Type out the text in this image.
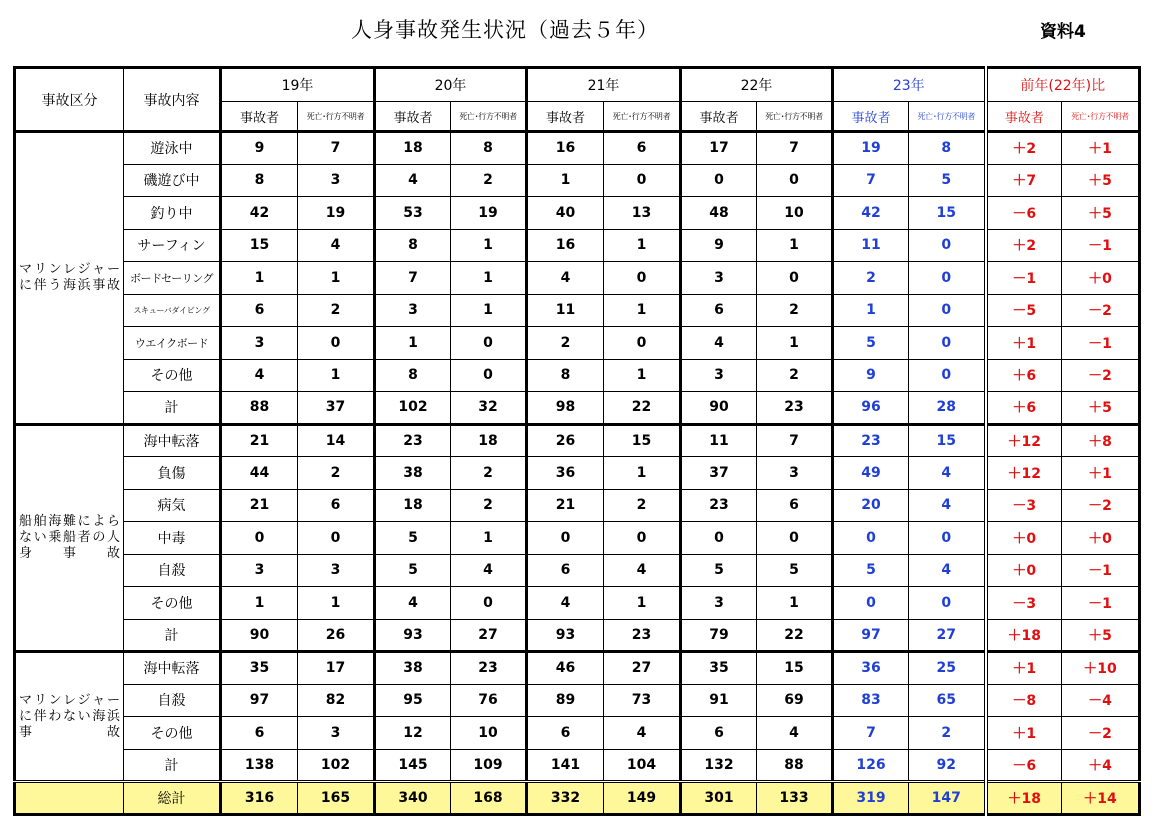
人身事故発生状況（過去５年）	資料4
事故区分	事故内容	19年		20年		21年		22年		23年		前年(22年)比	
		事故者	死亡･行方不明者	事故者	死亡･行方不明者	事故者	死亡･行方不明者	事故者	死亡･行方不明者	事故者	死亡･行方不明者	事故者	死亡･行方不明者

マリンレジャーに伴う海浜事故	遊泳中	9	7	18	8	16	6	17	7	19	8	＋2	＋1
	磯遊び中	8	3	4	2	1	0	0	0	7	5	＋7	＋5
	釣り中	42	19	53	19	40	13	48	10	42	15	－6	＋5
	サーフィン	15	4	8	1	16	1	9	1	11	0	＋2	－1
	ボードセーリング	1	1	7	1	4	0	3	0	2	0	－1	＋0
	スキューバダイビング	6	2	3	1	11	1	6	2	1	0	－5	－2
	ウエイクボード	3	0	1	0	2	0	4	1	5	0	＋1	－1
	その他	4	1	8	0	8	1	3	2	9	0	＋6	－2
	計	88	37	102	32	98	22	90	23	96	28	＋6	＋5

船舶海難によらない乗船者の人身事故	海中転落	21	14	23	18	26	15	11	7	23	15	＋12	＋8
	負傷	44	2	38	2	36	1	37	3	49	4	＋12	＋1
	病気	21	6	18	2	21	2	23	6	20	4	－3	－2
	中毒	0	0	5	1	0	0	0	0	0	0	＋0	＋0
	自殺	3	3	5	4	6	4	5	5	5	4	＋0	－1
	その他	1	1	4	0	4	1	3	1	0	0	－3	－1
	計	90	26	93	27	93	23	79	22	97	27	＋18	＋5

マリンレジャーに伴わない海浜事故	海中転落	35	17	38	23	46	27	35	15	36	25	＋1	＋10
	自殺	97	82	95	76	89	73	91	69	83	65	－8	－4
	その他	6	3	12	10	6	4	6	4	7	2	＋1	－2
	計	138	102	145	109	141	104	132	88	126	92	－6	＋4
	総計	316	165	340	168	332	149	301	133	319	147	＋18	＋14
